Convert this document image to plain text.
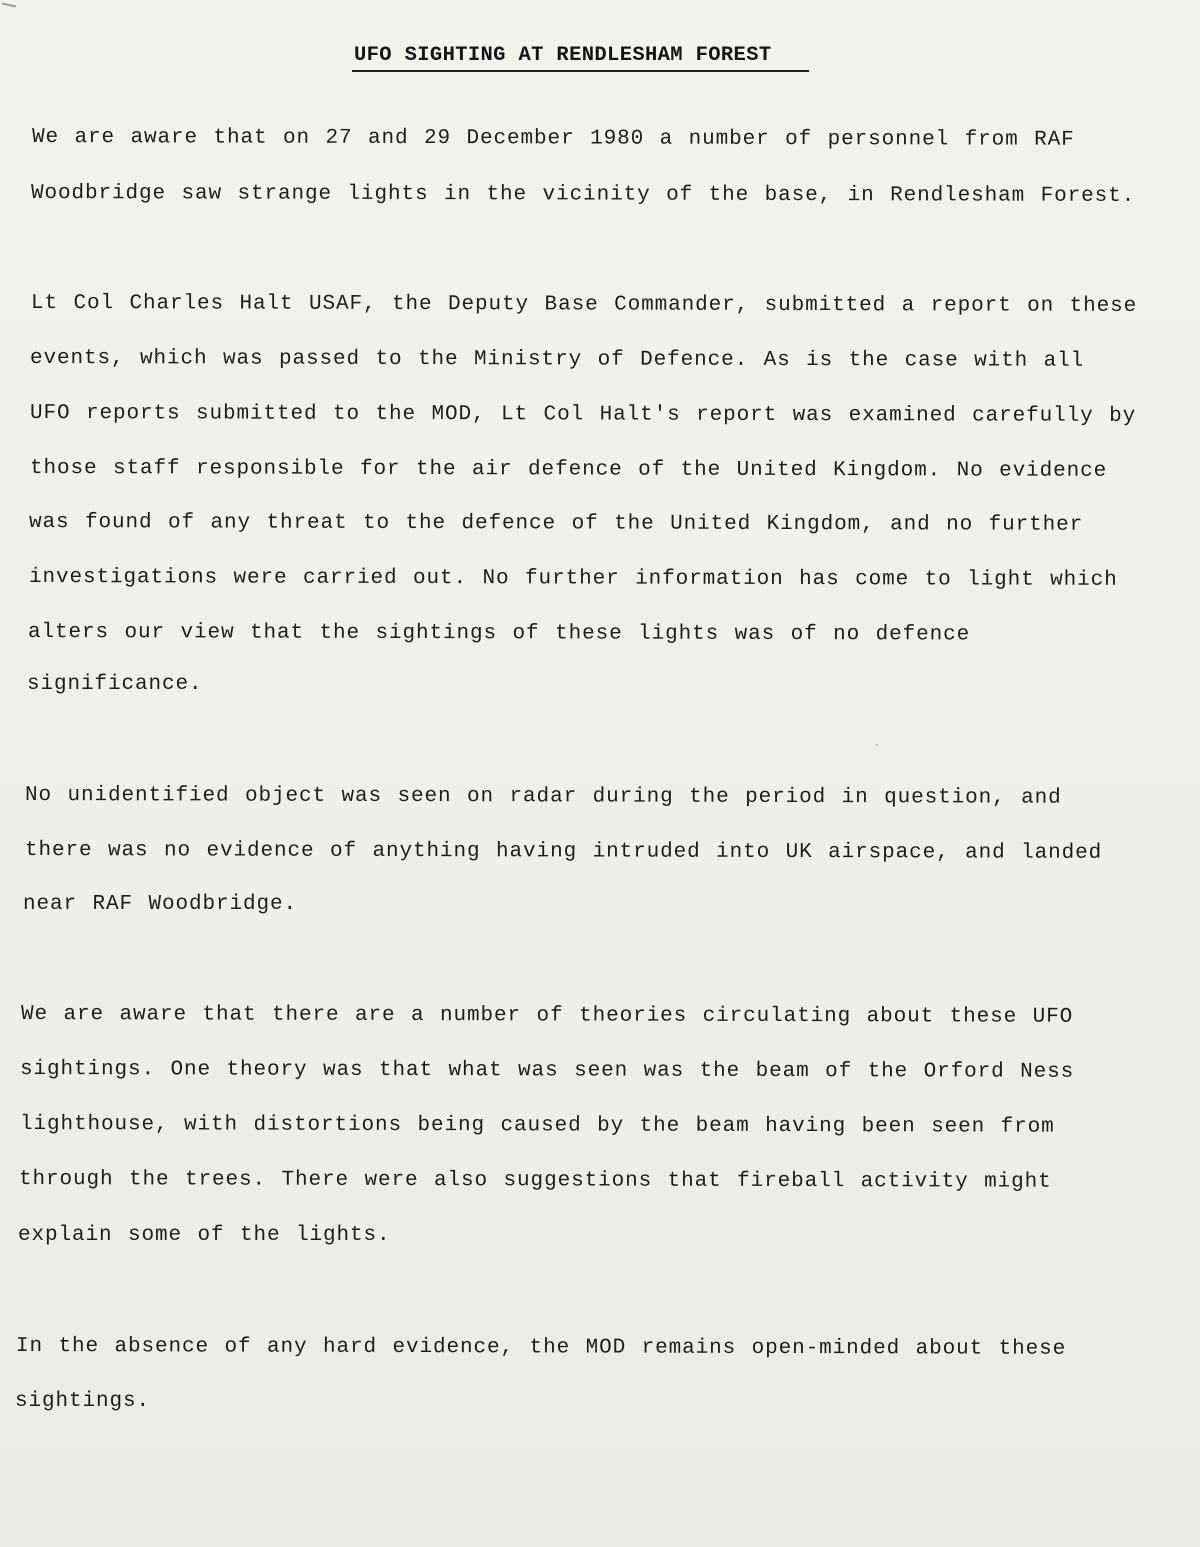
UFO SIGHTING AT RENDLESHAM FOREST
We are aware that on 27 and 29 December 1980 a number of personnel from RAF
Woodbridge saw strange lights in the vicinity of the base, in Rendlesham Forest.
Lt Col Charles Halt USAF, the Deputy Base Commander, submitted a report on these
events, which was passed to the Ministry of Defence. As is the case with all
UFO reports submitted to the MOD, Lt Col Halt's report was examined carefully by
those staff responsible for the air defence of the United Kingdom. No evidence
was found of any threat to the defence of the United Kingdom, and no further
investigations were carried out. No further information has come to light which
alters our view that the sightings of these lights was of no defence
significance.
No unidentified object was seen on radar during the period in question, and
there was no evidence of anything having intruded into UK airspace, and landed
near RAF Woodbridge.
We are aware that there are a number of theories circulating about these UFO
sightings. One theory was that what was seen was the beam of the Orford Ness
lighthouse, with distortions being caused by the beam having been seen from
through the trees. There were also suggestions that fireball activity might
explain some of the lights.
In the absence of any hard evidence, the MOD remains open-minded about these
sightings.
